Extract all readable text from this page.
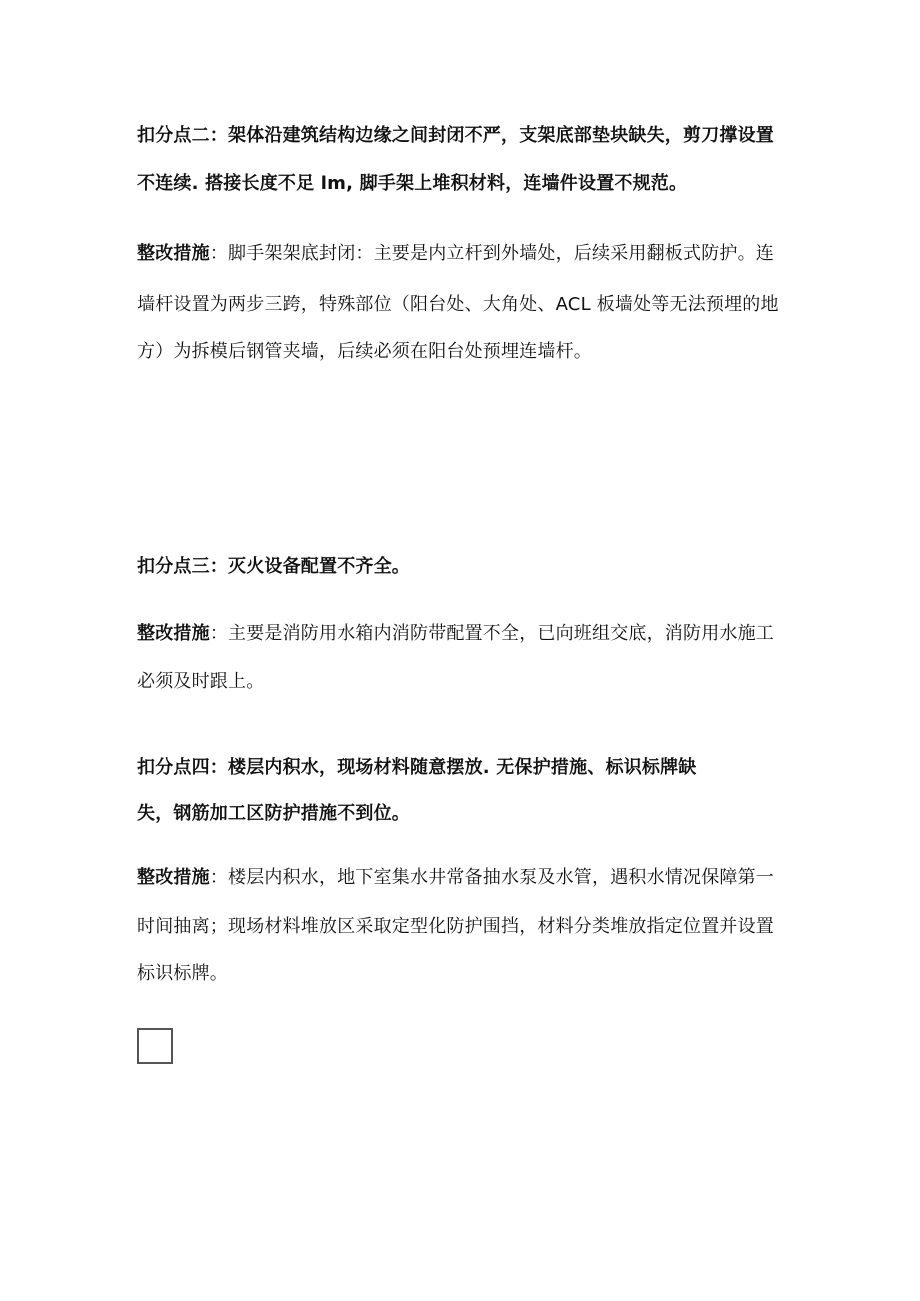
扣分点二：架体沿建筑结构边缘之间封闭不严，支架底部垫块缺失，剪刀撑设置
不连续. 搭接长度不足 lm, 脚手架上堆积材料，连墙件设置不规范。
整改措施：脚手架架底封闭：主要是内立杆到外墙处，后续采用翻板式防护。连
墙杆设置为两步三跨，特殊部位（阳台处、大角处、ACL 板墙处等无法预埋的地
方）为拆模后钢管夹墙，后续必须在阳台处预埋连墙杆。
扣分点三：灭火设备配置不齐全。
整改措施：主要是消防用水箱内消防带配置不全，已向班组交底，消防用水施工
必须及时跟上。
扣分点四：楼层内积水，现场材料随意摆放. 无保护措施、标识标牌缺
失，钢筋加工区防护措施不到位。
整改措施：楼层内积水，地下室集水井常备抽水泵及水管，遇积水情况保障第一
时间抽离；现场材料堆放区采取定型化防护围挡，材料分类堆放指定位置并设置
标识标牌。
